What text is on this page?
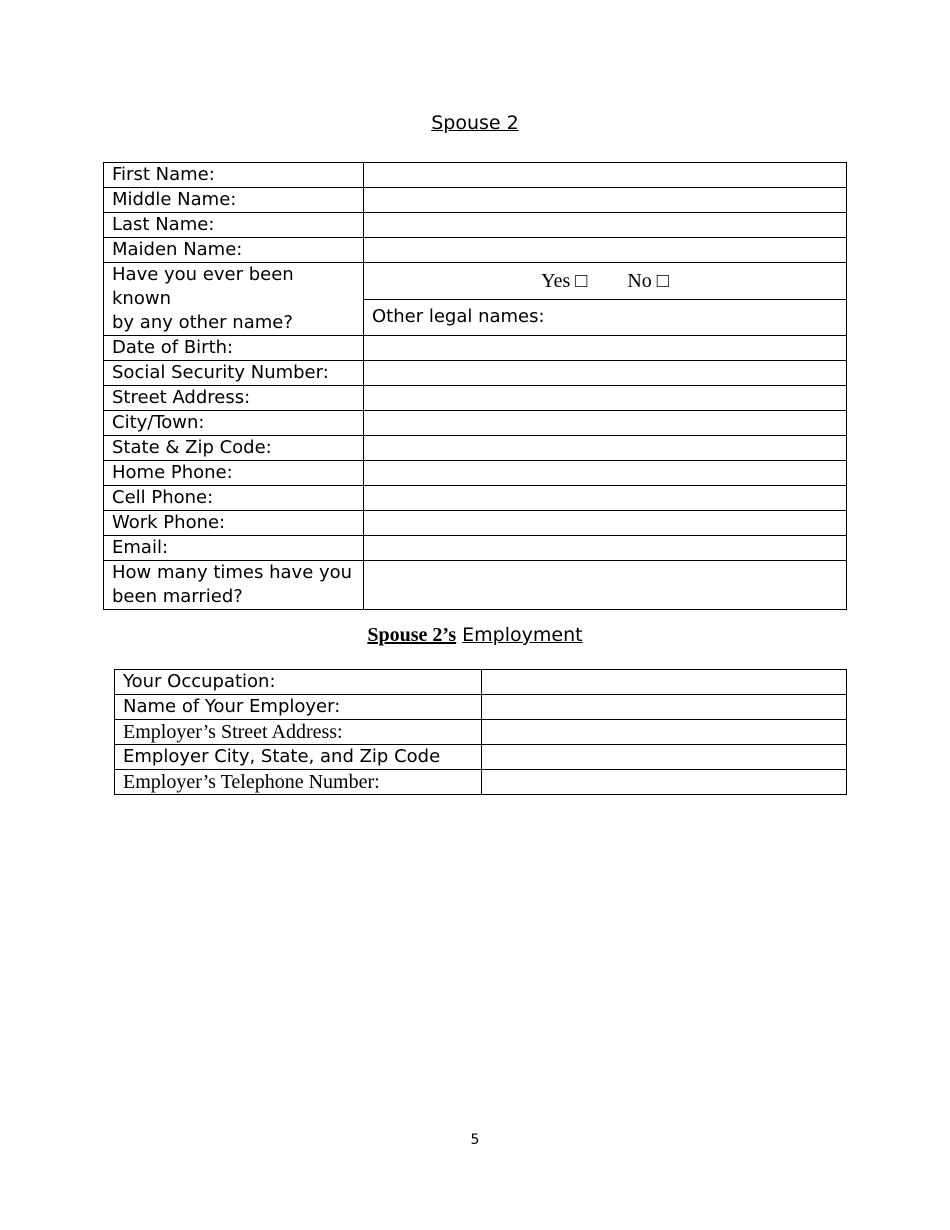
Spouse 2
First Name:	
Middle Name:	
Last Name:	
Maiden Name:	

Have you ever been known
by any other name?	Yes □ No □
	Other legal names:
Date of Birth:	
Social Security Number:	
Street Address:	
City/Town:	
State & Zip Code:	
Home Phone:	
Cell Phone:	
Work Phone:	
Email:	

How many times have you
been married?	

Spouse 2’s Employment
Your Occupation:	
Name of Your Employer:	
Employer’s Street Address:	
Employer City, State, and Zip Code	
Employer’s Telephone Number:	
5
